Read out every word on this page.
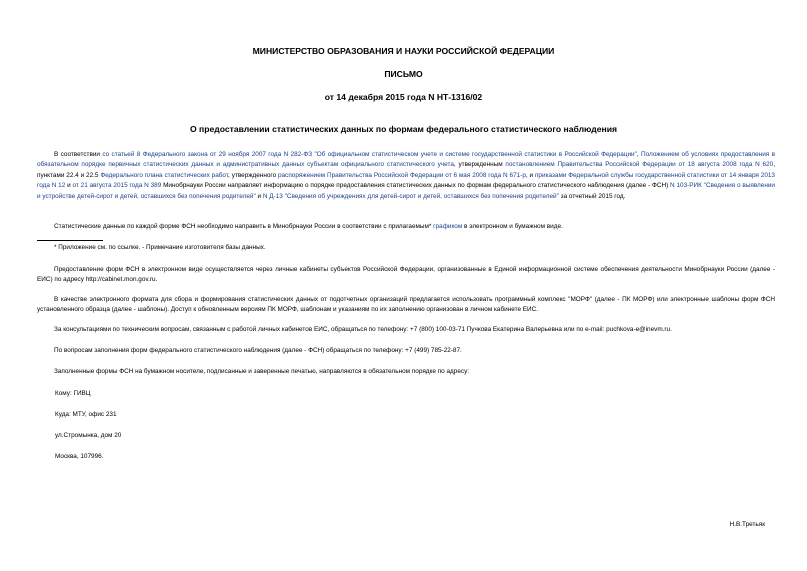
МИНИСТЕРСТВО ОБРАЗОВАНИЯ И НАУКИ РОССИЙСКОЙ ФЕДЕРАЦИИ
ПИСЬМО
от 14 декабря 2015 года N НТ-1316/02
О предоставлении статистических данных по формам федерального статистического наблюдения
В соответствии со статьей 8 Федерального закона от 29 ноября 2007 года N 282-ФЗ "Об официальном статистическом учете и системе государственной статистики в Российской Федерации", Положением об условиях предоставления в обязательном порядке первичных статистических данных и административных данных субъектам официального статистического учета, утвержденным постановлением Правительства Российской Федерации от 18 августа 2008 года N 620, пунктами 22.4 и 22.5 Федерального плана статистических работ, утвержденного распоряжением Правительства Российской Федерации от 6 мая 2008 года N 671-р, и приказами Федеральной службы государственной статистики от 14 января 2013 года N 12 и от 21 августа 2015 года N 389 Минобрнауки России направляет информацию о порядке предоставления статистических данных по формам федерального статистического наблюдения (далее - ФСН) N 103-РИК "Сведения о выявлении и устройстве детей-сирот и детей, оставшихся без попечения родителей" и N Д-13 "Сведения об учреждениях для детей-сирот и детей, оставшихся без попечения родителей" за отчетный 2015 год.
Статистические данные по каждой форме ФСН необходимо направить в Минобрнауки России в соответствии с прилагаемым* графиком в электронном и бумажном виде.
* Приложение см. по ссылке. - Примечание изготовителя базы данных.
Предоставление форм ФСН в электронном виде осуществляется через личные кабинеты субъектов Российской Федерации, организованные в Единой информационной системе обеспечения деятельности Минобрнауки России (далее - ЕИС) по адресу http://cabinet.mon.gov.ru.
В качестве электронного формата для сбора и формирования статистических данных от подотчетных организаций предлагается использовать программный комплекс "МОРФ" (далее - ПК МОРФ) или электронные шаблоны форм ФСН установленного образца (далее - шаблоны). Доступ к обновленным версиям ПК МОРФ, шаблонам и указаниям по их заполнению организован в личном кабинете ЕИС.
За консультациями по техническим вопросам, связанным с работой личных кабинетов ЕИС, обращаться по телефону: +7 (800) 100-03-71 Пучкова Екатерина Валерьевна или по e-mail: puchkova-e@inevm.ru.
По вопросам заполнения форм федерального статистического наблюдения (далее - ФСН) обращаться по телефону: +7 (499) 785-22-87.
Заполненные формы ФСН на бумажном носителе, подписанные и заверенные печатью, направляются в обязательном порядке по адресу:
Кому: ГИВЦ
Куда: МТУ, офис 231
ул.Стромынка, дом 20
Москва, 107996.
Н.В.Третьяк
